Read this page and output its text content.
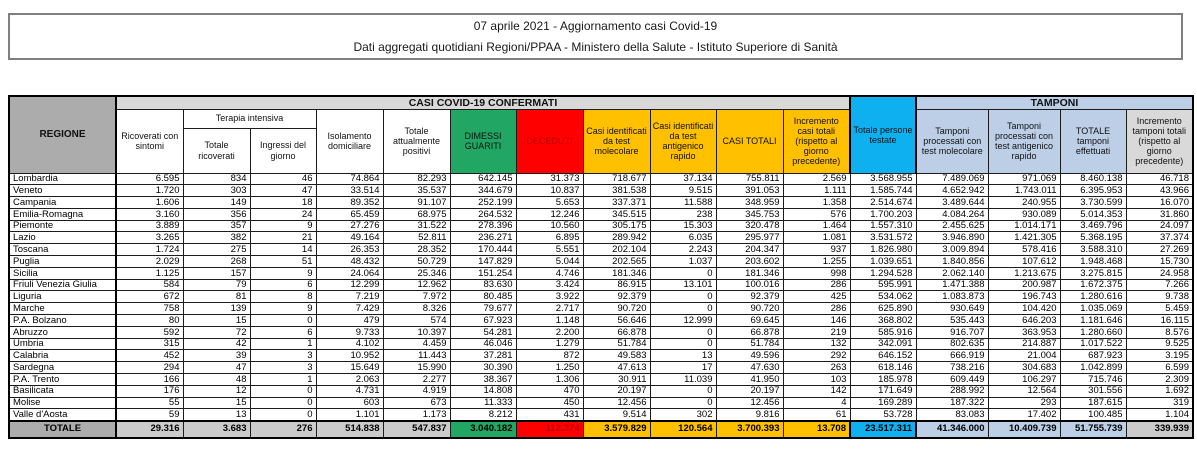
07 aprile 2021 - Aggiornamento casi Covid-19
Dati aggregati quotidiani Regioni/PPAA - Ministero della Salute - Istituto Superiore di Sanità
REGIONE	CASI COVID-19 CONFERMATI											Totale persone testate	TAMPONI			
	Ricoverati con sintomi	Terapia intensiva		Isolamento domiciliare	Totale attualmente positivi	DIMESSI GUARITI	DECEDUTI	Casi identificati da test molecolare	Casi identificati da test antigenico rapido	CASI TOTALI	Incremento casi totali (rispetto al giorno precedente)		Tamponi processati con test molecolare	Tamponi processati con test antigenico rapido	TOTALE tamponi effettuati	Incremento tamponi totali (rispetto al giorno precedente)
		Totale ricoverati	Ingressi del giorno													
Lombardia	6.595	834	46	74.864	82.293	642.145	31.373	718.677	37.134	755.811	2.569	3.568.955	7.489.069	971.069	8.460.138	46.718
Veneto	1.720	303	47	33.514	35.537	344.679	10.837	381.538	9.515	391.053	1.111	1.585.744	4.652.942	1.743.011	6.395.953	43.966
Campania	1.606	149	18	89.352	91.107	252.199	5.653	337.371	11.588	348.959	1.358	2.514.674	3.489.644	240.955	3.730.599	16.070
Emilia-Romagna	3.160	356	24	65.459	68.975	264.532	12.246	345.515	238	345.753	576	1.700.203	4.084.264	930.089	5.014.353	31.860
Piemonte	3.889	357	9	27.276	31.522	278.396	10.560	305.175	15.303	320.478	1.464	1.557.310	2.455.625	1.014.171	3.469.796	24.097
Lazio	3.265	382	21	49.164	52.811	236.271	6.895	289.942	6.035	295.977	1.081	3.531.572	3.946.890	1.421.305	5.368.195	37.374
Toscana	1.724	275	14	26.353	28.352	170.444	5.551	202.104	2.243	204.347	937	1.826.980	3.009.894	578.416	3.588.310	27.269
Puglia	2.029	268	51	48.432	50.729	147.829	5.044	202.565	1.037	203.602	1.255	1.039.651	1.840.856	107.612	1.948.468	15.730
Sicilia	1.125	157	9	24.064	25.346	151.254	4.746	181.346	0	181.346	998	1.294.528	2.062.140	1.213.675	3.275.815	24.958
Friuli Venezia Giulia	584	79	6	12.299	12.962	83.630	3.424	86.915	13.101	100.016	286	595.991	1.471.388	200.987	1.672.375	7.266
Liguria	672	81	8	7.219	7.972	80.485	3.922	92.379	0	92.379	425	534.062	1.083.873	196.743	1.280.616	9.738
Marche	758	139	9	7.429	8.326	79.677	2.717	90.720	0	90.720	286	625.890	930.649	104.420	1.035.069	5.459
P.A. Bolzano	80	15	0	479	574	67.923	1.148	56.646	12.999	69.645	146	368.802	535.443	646.203	1.181.646	16.115
Abruzzo	592	72	6	9.733	10.397	54.281	2.200	66.878	0	66.878	219	585.916	916.707	363.953	1.280.660	8.576
Umbria	315	42	1	4.102	4.459	46.046	1.279	51.784	0	51.784	132	342.091	802.635	214.887	1.017.522	9.525
Calabria	452	39	3	10.952	11.443	37.281	872	49.583	13	49.596	292	646.152	666.919	21.004	687.923	3.195
Sardegna	294	47	3	15.649	15.990	30.390	1.250	47.613	17	47.630	263	618.146	738.216	304.683	1.042.899	6.599
P.A. Trento	166	48	1	2.063	2.277	38.367	1.306	30.911	11.039	41.950	103	185.978	609.449	106.297	715.746	2.309
Basilicata	176	12	0	4.731	4.919	14.808	470	20.197	0	20.197	142	171.649	288.992	12.564	301.556	1.692
Molise	55	15	0	603	673	11.333	450	12.456	0	12.456	4	169.289	187.322	293	187.615	319
Valle d'Aosta	59	13	0	1.101	1.173	8.212	431	9.514	302	9.816	61	53.728	83.083	17.402	100.485	1.104
TOTALE	29.316	3.683	276	514.838	547.837	3.040.182	112.374	3.579.829	120.564	3.700.393	13.708	23.517.311	41.346.000	10.409.739	51.755.739	339.939
